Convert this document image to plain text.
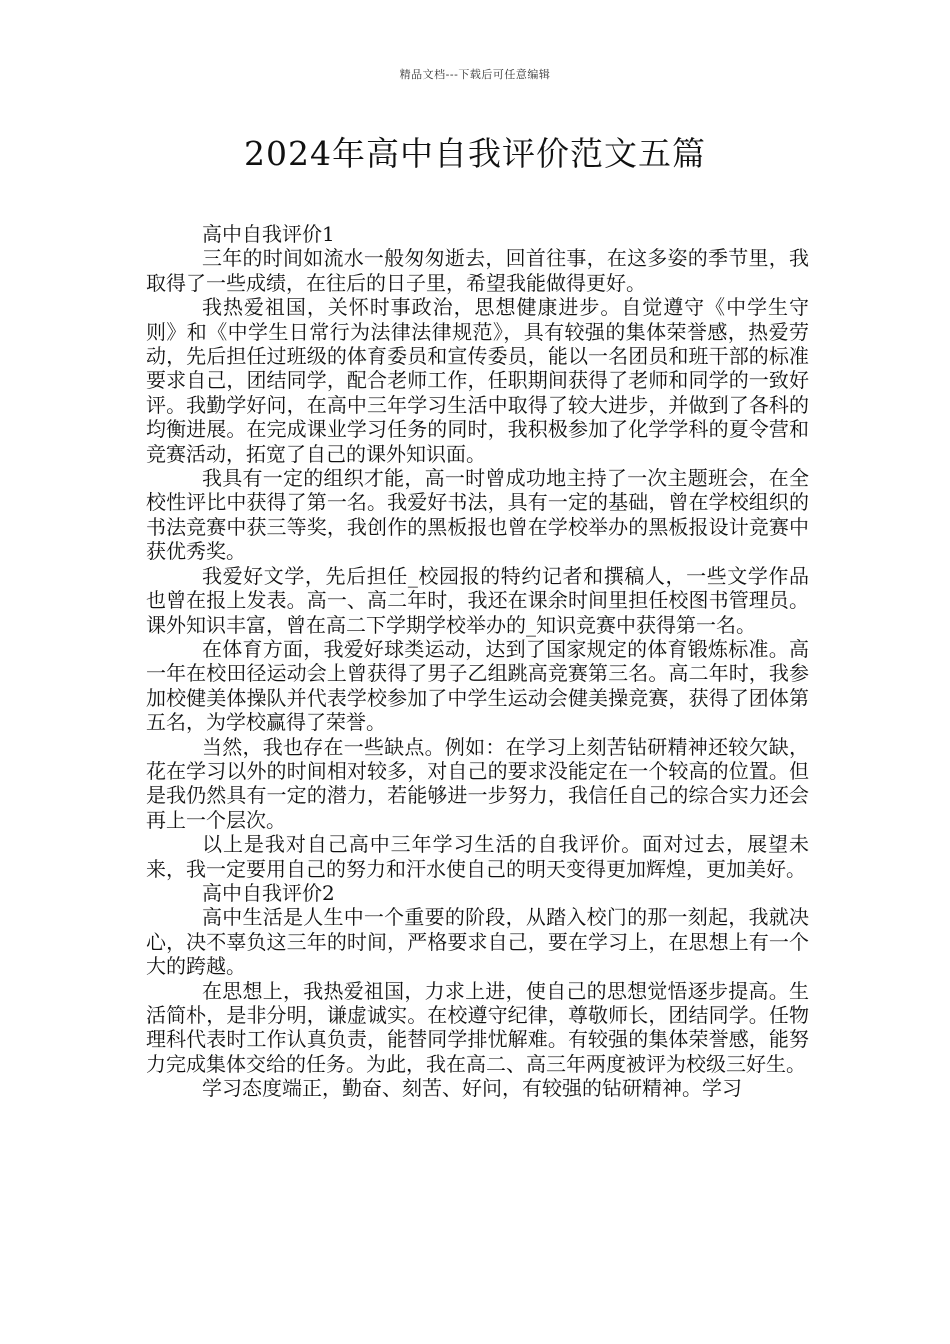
精品文档---下载后可任意编辑
2024年高中自我评价范文五篇

高中自我评价1

三年的时间如流水一般匆匆逝去，回首往事，在这多姿的季节里，我取得了一些成绩，在往后的日子里，希望我能做得更好。

我热爱祖国，关怀时事政治，思想健康进步。自觉遵守《中学生守则》和《中学生日常行为法律法律规范》，具有较强的集体荣誉感，热爱劳动，先后担任过班级的体育委员和宣传委员，能以一名团员和班干部的标准要求自己，团结同学，配合老师工作，任职期间获得了老师和同学的一致好评。我勤学好问，在高中三年学习生活中取得了较大进步，并做到了各科的均衡进展。在完成课业学习任务的同时，我积极参加了化学学科的夏令营和竞赛活动，拓宽了自己的课外知识面。

我具有一定的组织才能，高一时曾成功地主持了一次主题班会，在全校性评比中获得了第一名。我爱好书法，具有一定的基础，曾在学校组织的书法竞赛中获三等奖，我创作的黑板报也曾在学校举办的黑板报设计竞赛中获优秀奖。

我爱好文学，先后担任_校园报的特约记者和撰稿人，一些文学作品也曾在报上发表。高一、高二年时，我还在课余时间里担任校图书管理员。课外知识丰富，曾在高二下学期学校举办的_知识竞赛中获得第一名。

在体育方面，我爱好球类运动，达到了国家规定的体育锻炼标准。高一年在校田径运动会上曾获得了男子乙组跳高竞赛第三名。高二年时，我参加校健美体操队并代表学校参加了中学生运动会健美操竞赛，获得了团体第五名，为学校赢得了荣誉。

当然，我也存在一些缺点。例如：在学习上刻苦钻研精神还较欠缺，花在学习以外的时间相对较多，对自己的要求没能定在一个较高的位置。但是我仍然具有一定的潜力，若能够进一步努力，我信任自己的综合实力还会再上一个层次。

以上是我对自己高中三年学习生活的自我评价。面对过去，展望未来，我一定要用自己的努力和汗水使自己的明天变得更加辉煌，更加美好。

高中自我评价2

高中生活是人生中一个重要的阶段，从踏入校门的那一刻起，我就决心，决不辜负这三年的时间，严格要求自己，要在学习上，在思想上有一个大的跨越。

在思想上，我热爱祖国，力求上进，使自己的思想觉悟逐步提高。生活简朴，是非分明，谦虚诚实。在校遵守纪律，尊敬师长，团结同学。任物理科代表时工作认真负责，能替同学排忧解难。有较强的集体荣誉感，能努力完成集体交给的任务。为此，我在高二、高三年两度被评为校级三好生。

学习态度端正，勤奋、刻苦、好问，有较强的钻研精神。学习
